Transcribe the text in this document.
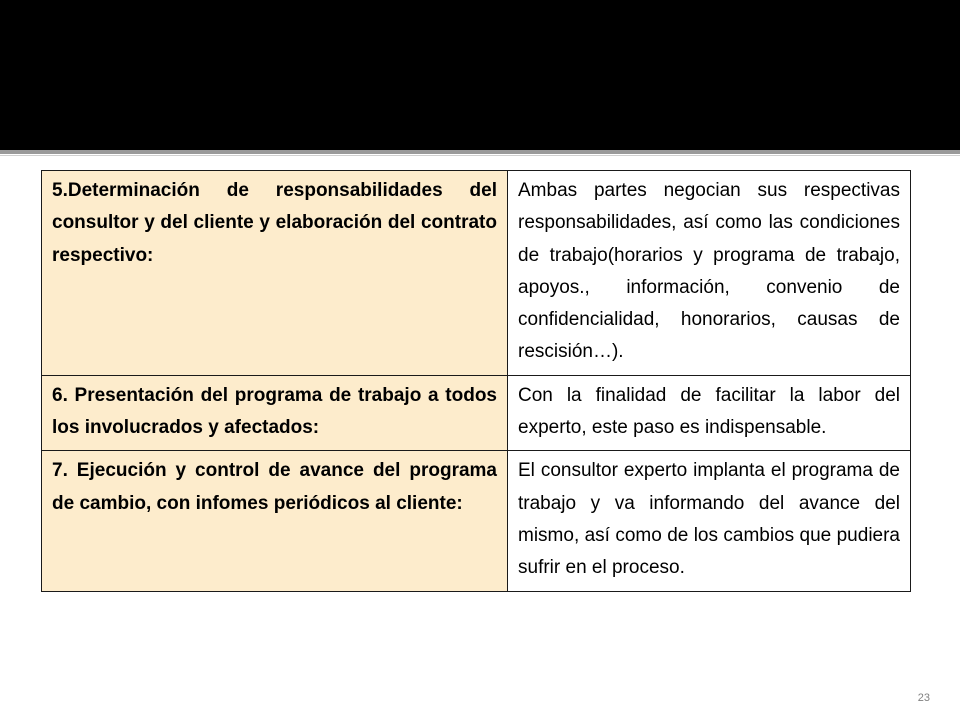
5.Determinación de responsabilidades del consultor y del cliente y elaboración del contrato respectivo:	Ambas partes negocian sus respectivas responsabilidades, así como las condiciones de trabajo(horarios y programa de trabajo, apoyos., información, convenio de confidencialidad, honorarios, causas de rescisión…).
6. Presentación del programa de trabajo a todos los involucrados y afectados:	Con la finalidad de facilitar la labor del experto, este paso es indispensable.
7. Ejecución y control de avance del programa de cambio, con infomes periódicos al cliente:	El consultor experto implanta el programa de trabajo y va informando del avance del mismo, así como de los cambios que pudiera sufrir en el proceso.
23
